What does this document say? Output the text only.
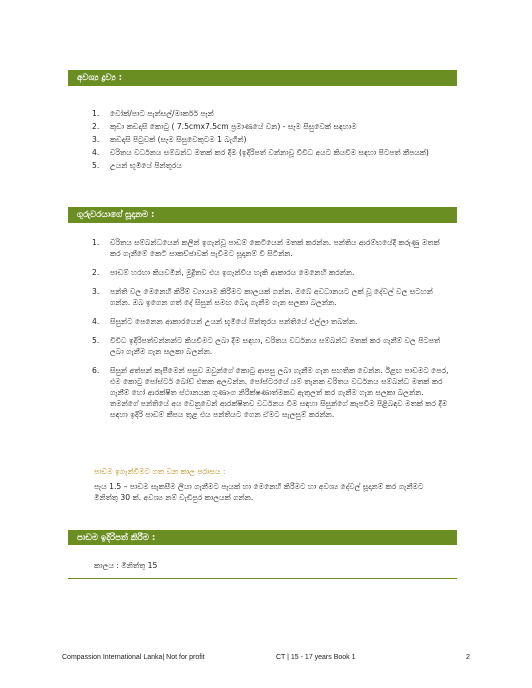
අවශ්‍ය ද්‍රව්‍ය :
1. වෝක්/පාට පැන්සල්/මාර්කර් පෑන්
2. කුඩා කඩදාසි කොටු ( 7.5cmx7.5cm ප්‍රමාණයේ වන) - සෑම සිසුවෙක් සඳහාම
3. කඩදාසි පිටුවක් (සෑම සිසුවෙකුටම 1 බැගින්)
4. චරිතය වර්ධනය සම්බන්ධ මතක් කර දීම (ඉදිරිපත් වන්නාවූ විවිධ අයට කියවීම සඳහා පිටපත් කීපයක්)
5. උයන් භූමියේ පින්තූරය
ගුරුවරයාගේ සූදානම :
1. චරිතය සම්බන්ධයෙන් කලින් ඉගැන්වූ පාඩම් කෙටියෙන් මතක් කරන්න. පන්තිය ආරම්භයේදී කරුණු මතක් කර ගැනීමේ කෙටි සාකච්ඡාවක් පැවීමට සූදානම් වී සිටින්න.
2. පාඩම් හරහා කියවමින්, මුද්‍රිතව එය ඉගැන්විය හැකි ආකාරය මෙනෙහි කරන්න.
3. පන්ති වල මෙනෙහි කිරීම් ව්‍යායාම කිරීමට කාලයක් ගන්න. ඔබේ අවධානයට ලක් වූ දේවල් වල සටහන් ගන්න. ඔබ ඉගෙන ගත් දේ සිසුන් සමඟ බෙදා ගැනීම ගැන සලකා බලන්න.
4. සිසුන්ට පෙනෙන ආකාරයෙන් උයන් භූමියේ පින්තූරය පන්තියේ එල්ලා තබන්න.
5. විවිධ ඉදිරිපත්වන්නන්ට කියවීමට ලබා දීම සඳහා, චරිතය වර්ධනය සම්බන්ධ මතක් කර ගැනීම් වල පිටපත් ලබා ගැනීම ගැන සලකා බලන්න.
6. සිසුන් අත්සන් කැපීමෙන් පසුව ඔවුන්ගේ කොටු ආපසු ලබා ගැනීම ගැන සහතික වෙන්න. ඊළඟ පාඩමට පෙර, එම කොටු පෝස්ටර් බෝඩ් එකක අලවන්න. පෝස්ටරයේ යම් තැනක චරිතය වර්ධනය සම්බන්ධ මතක් කර ගැනීම් හෝ ආරක්ෂිත ස්ථානයක ගුණාංග නිරීක්ෂණාත්මකව ඇතුලත් කර ගැනීම ගැන සලකා බලන්න. තමන්ගේ පන්තියේ අය වෙනුවෙන් ආරක්ෂිතව වර්ධනය වීම සඳහා සිසුන්ගේ කැපවීම පිළිබඳව මතක් කර දීම සඳහා ඉදිරි පාඩම් කීපය තුළ එය පන්තියට ගෙන ඒමට සැලසුම් කරන්න.
පාඩම ඉගැන්වීමට ගත වන කාල පරාසය :
පැය 1.5 – පාඩම සැකසීම ලියා ගැනීමට පැයක් හා මෙනෙහි කිරීමට හා අවශ්‍ය දේවල් සූදානම් කර ගැනීමට මිනිත්තු 30 ක්. අවශ්‍ය නම් වැඩිපුර කාලයක් ගන්න.
පාඩම ඉදිරිපත් කිරීම :
කාලය : මිනිත්තු 15
Compassion International Lanka| Not for profit	CT | 15 - 17 years Book 1	2
